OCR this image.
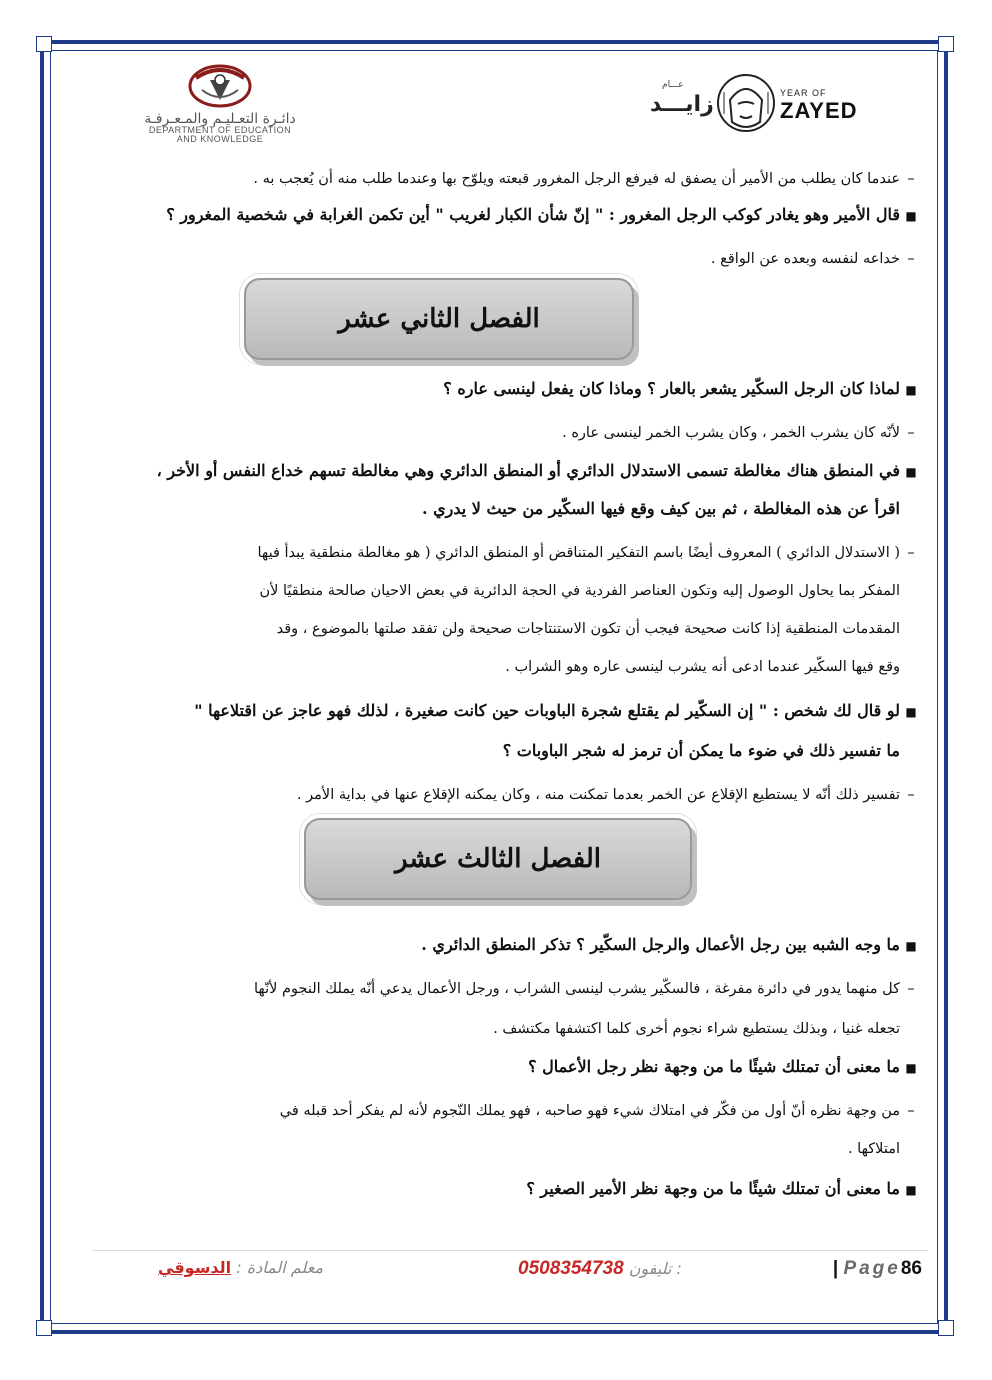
دائـرة التعـليـم والمـعـرفـة
DEPARTMENT OF EDUCATION
AND KNOWLEDGE
عـــام
زايـــد	YEAR OF
ZAYED
–عندما كان يطلب من الأمير أن يصفق له فيرفع الرجل المغرور قبعته ويلوّح بها وعندما طلب منه أن يُعجب به .
■قال الأمير وهو يغادر كوكب الرجل المغرور : " إنّ شأن الكبار لغريب " أين تكمن الغرابة في شخصية المغرور ؟
–خداعه لنفسه وبعده عن الواقع .
الفصل الثاني عشر
■لماذا كان الرجل السكّير يشعر بالعار ؟ وماذا كان يفعل لينسى عاره ؟
–لأنّه كان يشرب الخمر ، وكان يشرب الخمر لينسى عاره .
■في المنطق هناك مغالطة تسمى الاستدلال الدائري أو المنطق الدائري وهي مغالطة تسهم خداع النفس أو الأخر ،
اقرأ عن هذه المغالطة ، ثم بين كيف وقع فيها السكّير من حيث لا يدري .
–( الاستدلال الدائري ) المعروف أيضًا باسم التفكير المتناقض أو المنطق الدائري ( هو مغالطة منطقية يبدأ فيها
المفكر بما يحاول الوصول إليه وتكون العناصر الفردية في الحجة الدائرية في بعض الاحيان صالحة منطقيًا لأن
المقدمات المنطقية إذا كانت صحيحة فيجب أن تكون الاستنتاجات صحيحة ولن تفقد صلتها بالموضوع ، وقد
وقع فيها السكّير عندما ادعى أنه يشرب لينسى عاره وهو الشراب .
■لو قال لك شخص : " إن السكّير لم يقتلع شجرة الباوبات حين كانت صغيرة ، لذلك فهو عاجز عن اقتلاعها "
ما تفسير ذلك في ضوء ما يمكن أن ترمز له شجر الباوبات ؟
–تفسير ذلك أنّه لا يستطيع الإقلاع عن الخمر بعدما تمكنت منه ، وكان يمكنه الإقلاع عنها في بداية الأمر .
الفصل الثالث عشر
■ما وجه الشبه بين رجل الأعمال والرجل السكّير ؟ تذكر المنطق الدائري .
–كل منهما يدور في دائرة مفرغة ، فالسكّير يشرب لينسى الشراب ، ورجل الأعمال يدعي أنّه يملك النجوم لأنّها
تجعله غنيا ، وبذلك يستطيع شراء نجوم أخرى كلما اكتشفها مكتشف .
■ما معنى أن تمتلك شيئًا ما من وجهة نظر رجل الأعمال ؟
–من وجهة نظره أنّ أول من فكّر في امتلاك شيء فهو صاحبه ، فهو يملك النّجوم لأنه لم يفكر أحد قبله في
امتلاكها .
■ما معنى أن تمتلك شيئًا ما من وجهة نظر الأمير الصغير ؟
معلم المادة : الدسوقي	0508354738 تليفون :	| Page86
